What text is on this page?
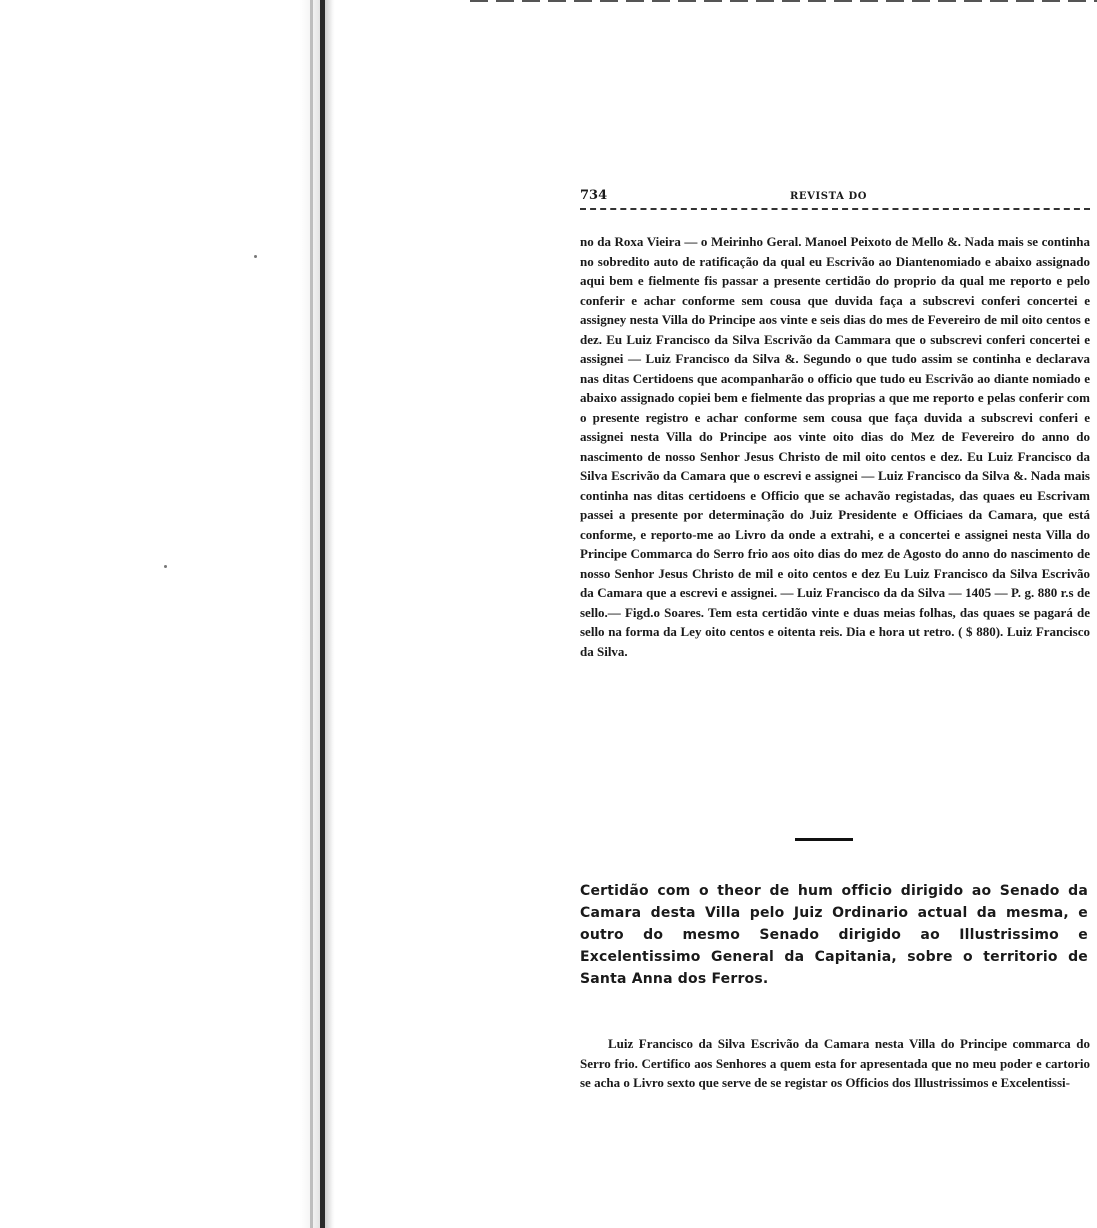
734	REVISTA DO

no da Roxa Vieira — o Meirinho Geral. Manoel Peixoto de Mello &. Nada mais se continha no sobredito auto de ratificação da qual eu Escrivão ao Diantenomiado e abaixo assignado aqui bem e fielmente fis passar a presente certidão do proprio da qual me reporto e pelo conferir e achar conforme sem cousa que duvida faça a subscrevi conferi concertei e assigney nesta Villa do Principe aos vinte e seis dias do mes de Fevereiro de mil oito centos e dez. Eu Luiz Francisco da Silva Escrivão da Cammara que o subscrevi conferi concertei e assignei — Luiz Francisco da Silva &. Segundo o que tudo assim se continha e declarava nas ditas Certidoens que acompanharão o officio que tudo eu Escrivão ao diante nomiado e abaixo assignado copiei bem e fielmente das proprias a que me reporto e pelas conferir com o presente registro e achar conforme sem cousa que faça duvida a subscrevi conferi e assignei nesta Villa do Principe aos vinte oito dias do Mez de Fevereiro do anno do nascimento de nosso Senhor Jesus Christo de mil oito centos e dez. Eu Luiz Francisco da Silva Escrivão da Camara que o escrevi e assignei — Luiz Francisco da Silva &. Nada mais continha nas ditas certidoens e Officio que se achavão registadas, das quaes eu Escrivam passei a presente por determinação do Juiz Presidente e Officiaes da Camara, que está conforme, e reporto-me ao Livro da onde a extrahi, e a concertei e assignei nesta Villa do Principe Commarca do Serro frio aos oito dias do mez de Agosto do anno do nascimento de nosso Senhor Jesus Christo de mil e oito centos e dez Eu Luiz Francisco da Silva Escrivão da Camara que a escrevi e assignei. — Luiz Francisco da da Silva — 1405 — P. g. 880 r.s de sello.— Figd.o Soares. Tem esta certidão vinte e duas meias folhas, das quaes se pagará de sello na forma da Ley oito centos e oitenta reis. Dia e hora ut retro. ( $ 880). Luiz Francisco da Silva.

Certidão com o theor de hum officio dirigido ao Senado da Camara desta Villa pelo Juiz Ordinario actual da mesma, e outro do mesmo Senado dirigido ao Illustrissimo e Excelentissimo General da Capitania, sobre o territorio de Santa Anna dos Ferros.

Luiz Francisco da Silva Escrivão da Camara nesta Villa do Principe commarca do Serro frio. Certifico aos Senhores a quem esta for apresentada que no meu poder e cartorio se acha o Livro sexto que serve de se registar os Officios dos Illustrissimos e Excelentissi-
